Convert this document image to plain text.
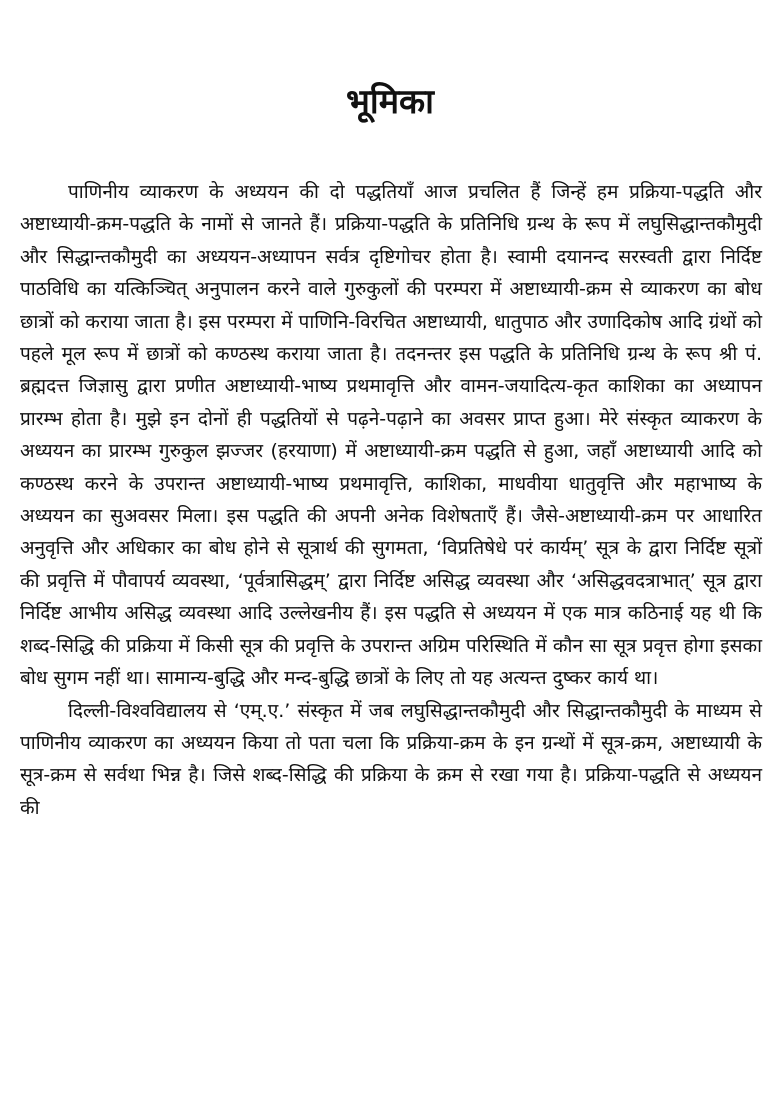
भूमिका

पाणिनीय व्याकरण के अध्ययन की दो पद्धतियाँ आज प्रचलित हैं जिन्हें हम प्रक्रिया-पद्धति और अष्टाध्यायी-क्रम-पद्धति के नामों से जानते हैं। प्रक्रिया-पद्धति के प्रतिनिधि ग्रन्थ के रूप में लघुसिद्धान्तकौमुदी और सिद्धान्तकौमुदी का अध्ययन-अध्यापन सर्वत्र दृष्टिगोचर होता है। स्वामी दयानन्द सरस्वती द्वारा निर्दिष्ट पाठविधि का यत्किञ्चित् अनुपालन करने वाले गुरुकुलों की परम्परा में अष्टाध्यायी-क्रम से व्याकरण का बोध छात्रों को कराया जाता है। इस परम्परा में पाणिनि-विरचित अष्टाध्यायी, धातुपाठ और उणादिकोष आदि ग्रंथों को पहले मूल रूप में छात्रों को कण्ठस्थ कराया जाता है। तदनन्तर इस पद्धति के प्रतिनिधि ग्रन्थ के रूप श्री पं. ब्रह्मदत्त जिज्ञासु द्वारा प्रणीत अष्टाध्यायी-भाष्य प्रथमावृत्ति और वामन-जयादित्य-कृत काशिका का अध्यापन प्रारम्भ होता है। मुझे इन दोनों ही पद्धतियों से पढ़ने-पढ़ाने का अवसर प्राप्त हुआ। मेरे संस्कृत व्याकरण के अध्ययन का प्रारम्भ गुरुकुल झज्जर (हरयाणा) में अष्टाध्यायी-क्रम पद्धति से हुआ, जहाँ अष्टाध्यायी आदि को कण्ठस्थ करने के उपरान्त अष्टाध्यायी-भाष्य प्रथमावृत्ति, काशिका, माधवीया धातुवृत्ति और महाभाष्य के अध्ययन का सुअवसर मिला। इस पद्धति की अपनी अनेक विशेषताएँ हैं। जैसे-अष्टाध्यायी-क्रम पर आधारित अनुवृत्ति और अधिकार का बोध होने से सूत्रार्थ की सुगमता, ‘विप्रतिषेधे परं कार्यम्’ सूत्र के द्वारा निर्दिष्ट सूत्रों की प्रवृत्ति में पौवापर्य व्यवस्था, ‘पूर्वत्रासिद्धम्’ द्वारा निर्दिष्ट असिद्ध व्यवस्था और ‘असिद्धवदत्राभात्’ सूत्र द्वारा निर्दिष्ट आभीय असिद्ध व्यवस्था आदि उल्लेखनीय हैं। इस पद्धति से अध्ययन में एक मात्र कठिनाई यह थी कि शब्द-सिद्धि की प्रक्रिया में किसी सूत्र की प्रवृत्ति के उपरान्त अग्रिम परिस्थिति में कौन सा सूत्र प्रवृत्त होगा इसका बोध सुगम नहीं था। सामान्य-बुद्धि और मन्द-बुद्धि छात्रों के लिए तो यह अत्यन्त दुष्कर कार्य था।

दिल्ली-विश्वविद्यालय से ‘एम्.ए.’ संस्कृत में जब लघुसिद्धान्तकौमुदी और सिद्धान्तकौमुदी के माध्यम से पाणिनीय व्याकरण का अध्ययन किया तो पता चला कि प्रक्रिया-क्रम के इन ग्रन्थों में सूत्र-क्रम, अष्टाध्यायी के सूत्र-क्रम से सर्वथा भिन्न है। जिसे शब्द-सिद्धि की प्रक्रिया के क्रम से रखा गया है। प्रक्रिया-पद्धति से अध्ययन की
